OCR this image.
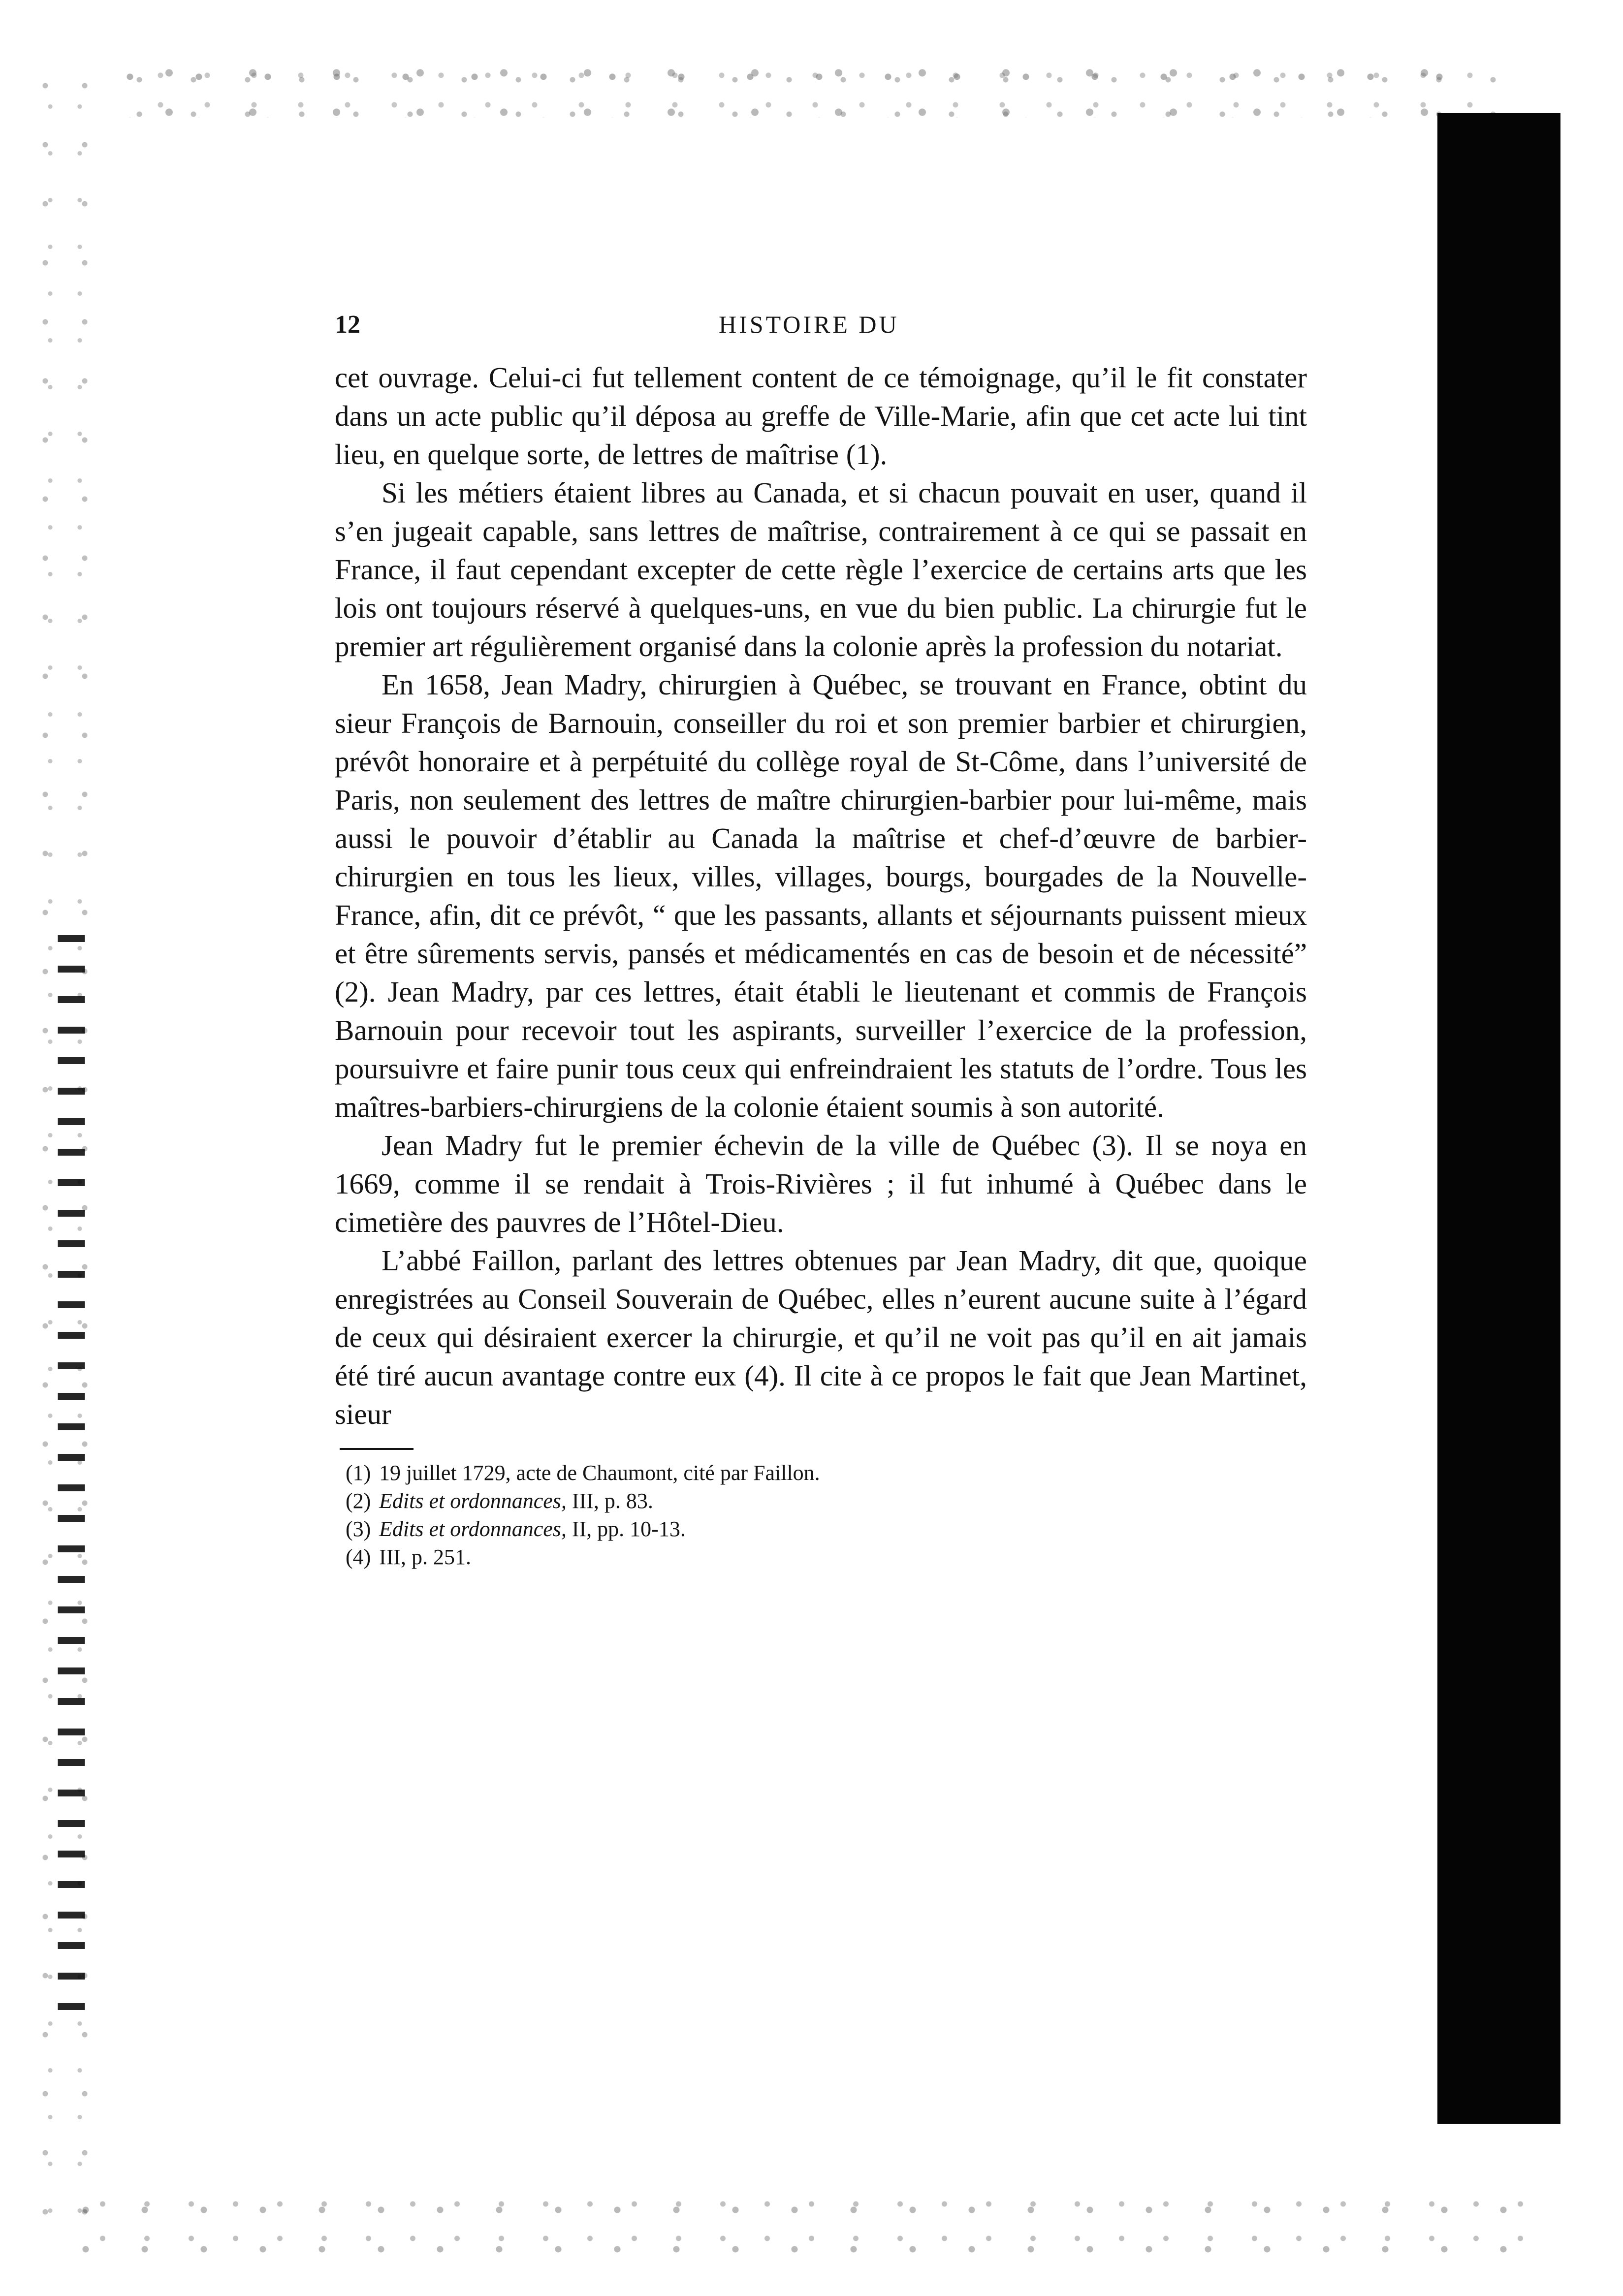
12	HISTOIRE DU

cet ouvrage. Celui-ci fut tellement content de ce témoignage, qu’il le fit constater dans un acte public qu’il déposa au greffe de Ville-Marie, afin que cet acte lui tint lieu, en quelque sorte, de lettres de maîtrise (1).

Si les métiers étaient libres au Canada, et si chacun pouvait en user, quand il s’en jugeait capable, sans lettres de maîtrise, contrairement à ce qui se passait en France, il faut cependant excepter de cette règle l’exercice de certains arts que les lois ont toujours réservé à quelques-uns, en vue du bien public. La chirurgie fut le premier art régulièrement organisé dans la colonie après la profession du notariat.

En 1658, Jean Madry, chirurgien à Québec, se trouvant en France, obtint du sieur François de Barnouin, conseiller du roi et son premier barbier et chirurgien, prévôt honoraire et à perpétuité du collège royal de St-Côme, dans l’université de Paris, non seulement des lettres de maître chirurgien-barbier pour lui-même, mais aussi le pouvoir d’établir au Canada la maîtrise et chef-d’œuvre de barbier-chirurgien en tous les lieux, villes, villages, bourgs, bourgades de la Nouvelle-France, afin, dit ce prévôt, “ que les passants, allants et séjournants puissent mieux et être sûrements servis, pansés et médicamentés en cas de besoin et de nécessité” (2). Jean Madry, par ces lettres, était établi le lieutenant et commis de François Barnouin pour recevoir tout les aspirants, surveiller l’exercice de la profession, poursuivre et faire punir tous ceux qui enfreindraient les statuts de l’ordre. Tous les maîtres-barbiers-chirurgiens de la colonie étaient soumis à son autorité.

Jean Madry fut le premier échevin de la ville de Québec (3). Il se noya en 1669, comme il se rendait à Trois-Rivières ; il fut inhumé à Québec dans le cimetière des pauvres de l’Hôtel-Dieu.

L’abbé Faillon, parlant des lettres obtenues par Jean Madry, dit que, quoique enregistrées au Conseil Souverain de Québec, elles n’eurent aucune suite à l’égard de ceux qui désiraient exercer la chirurgie, et qu’il ne voit pas qu’il en ait jamais été tiré aucun avantage contre eux (4). Il cite à ce propos le fait que Jean Martinet, sieur

(1) 19 juillet 1729, acte de Chaumont, cité par Faillon.
(2) Edits et ordonnances, III, p. 83.
(3) Edits et ordonnances, II, pp. 10-13.
(4) III, p. 251.
